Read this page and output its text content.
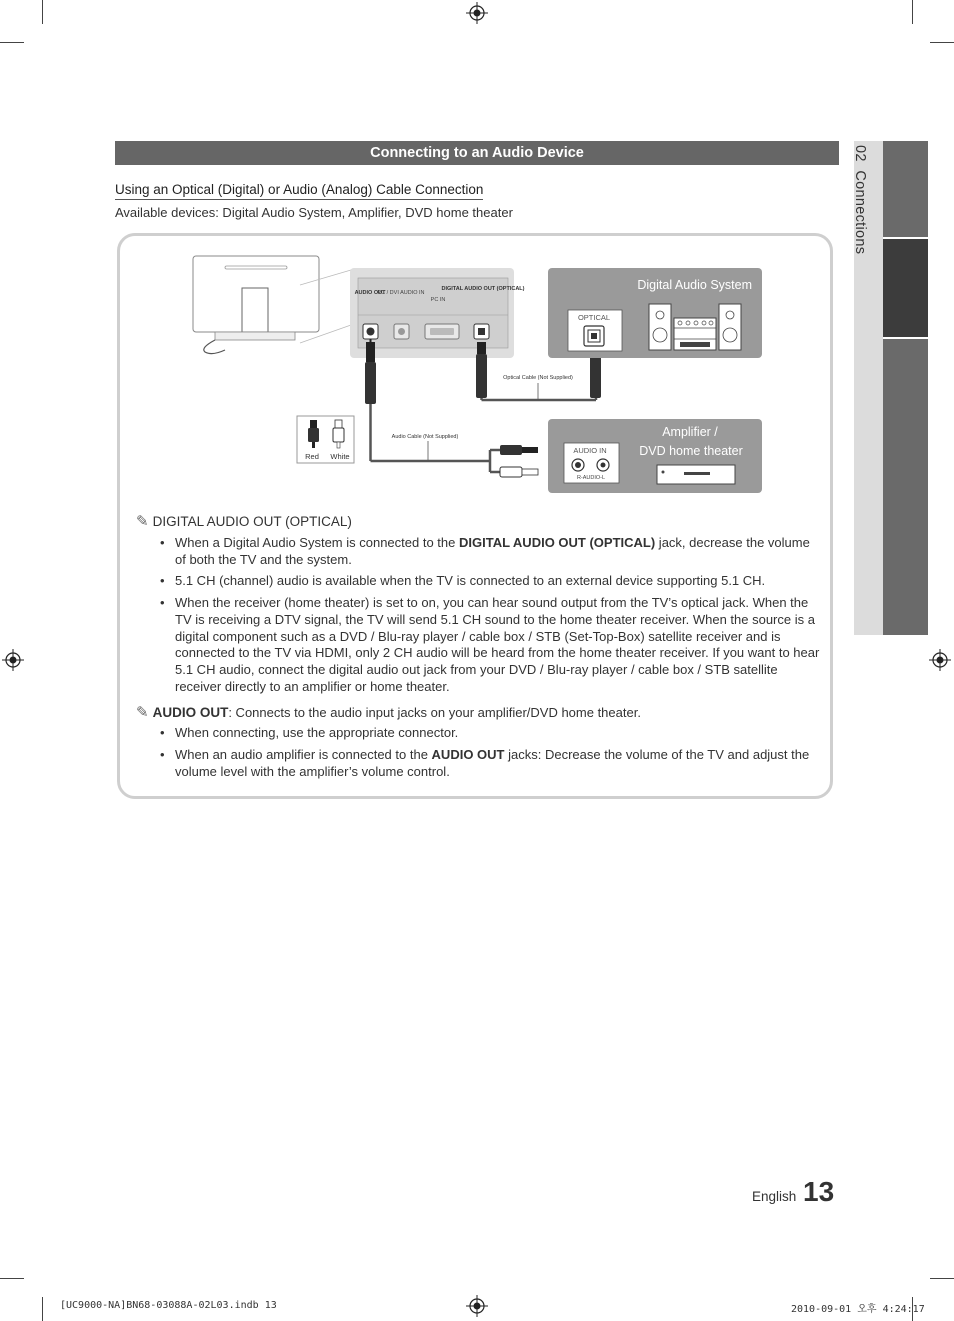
02  Connections
Connecting to an Audio Device
Using an Optical (Digital) or Audio (Analog) Cable Connection
Available devices: Digital Audio System, Amplifier, DVD home theater
AUDIO OUT
PC / DVI AUDIO IN
PC IN
DIGITAL AUDIO OUT (OPTICAL)
Audio Cable (Not Supplied)
Optical Cable (Not Supplied)
Red White
Digital Audio System
OPTICAL
Amplifier /
DVD home theater
AUDIO IN
R-AUDIO-L
✎ DIGITAL AUDIO OUT (OPTICAL)
• When a Digital Audio System is connected to the DIGITAL AUDIO OUT (OPTICAL) jack, decrease the volume of both the TV and the system.
• 5.1 CH (channel) audio is available when the TV is connected to an external device supporting 5.1 CH.
• When the receiver (home theater) is set to on, you can hear sound output from the TV’s optical jack. When the TV is receiving a DTV signal, the TV will send 5.1 CH sound to the home theater receiver. When the source is a digital component such as a DVD / Blu-ray player / cable box / STB (Set-Top-Box) satellite receiver and is connected to the TV via HDMI, only 2 CH audio will be heard from the home theater receiver. If you want to hear 5.1 CH audio, connect the digital audio out jack from your DVD / Blu-ray player / cable box / STB satellite receiver directly to an amplifier or home theater.
✎ AUDIO OUT: Connects to the audio input jacks on your amplifier/DVD home theater.
• When connecting, use the appropriate connector.
• When an audio amplifier is connected to the AUDIO OUT jacks: Decrease the volume of the TV and adjust the volume level with the amplifier’s volume control.
English 13
[UC9000-NA]BN68-03088A-02L03.indb 13	2010-09-01 오후 4:24:17
